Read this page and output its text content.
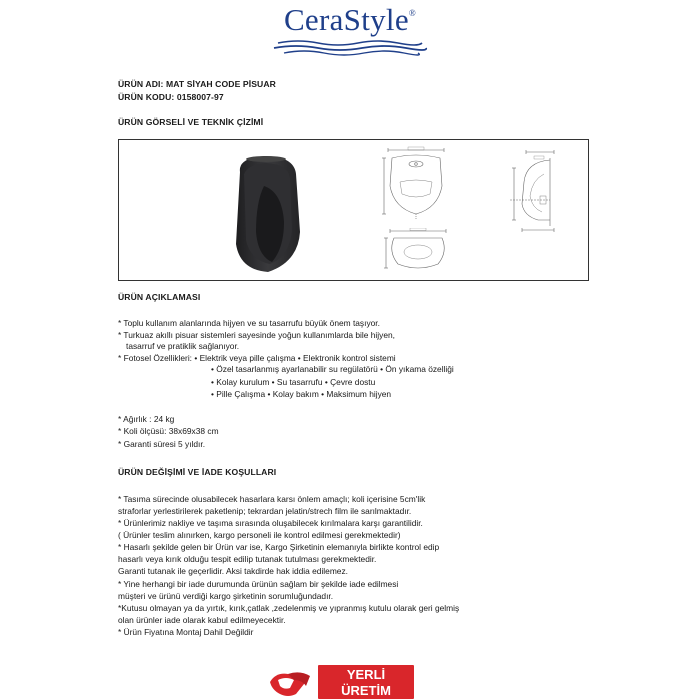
CeraStyle®
ÜRÜN ADI: MAT SİYAH CODE PİSUAR
ÜRÜN KODU: 0158007-97
ÜRÜN GÖRSELİ VE TEKNİK ÇİZİMİ
ÜRÜN AÇIKLAMASI
* Toplu kullanım alanlarında hijyen ve su tasarrufu büyük önem taşıyor.
* Turkuaz akıllı pisuar sistemleri sayesinde yoğun kullanımlarda bile hijyen,
tasarruf ve pratiklik sağlanıyor.
* Fotosel Özellikleri: • Elektrik veya pille çalışma • Elektronik kontrol sistemi
• Özel tasarlanmış ayarlanabilir su regülatörü • Ön yıkama özelliği
• Kolay kurulum • Su tasarrufu • Çevre dostu
• Pille Çalışma • Kolay bakım • Maksimum hijyen
* Ağırlık : 24 kg
* Koli ölçüsü: 38x69x38 cm
* Garanti süresi 5 yıldır.
ÜRÜN DEĞİŞİMİ VE İADE KOŞULLARI
* Tasıma sürecinde olusabilecek hasarlara karsı önlem amaçlı; koli içerisine 5cm'lik
straforlar yerlestirilerek paketlenip; tekrardan jelatin/strech film ile sarılmaktadır.
* Ürünlerimiz nakliye ve taşıma sırasında oluşabilecek kırılmalara karşı garantilidir.
( Ürünler teslim alınırken, kargo personeli ile kontrol edilmesi gerekmektedir)
* Hasarlı şekilde gelen bir Ürün var ise, Kargo Şirketinin elemanıyla birlikte kontrol edip
hasarlı veya kırık olduğu tespit edilip tutanak tutulması gerekmektedir.
Garanti tutanak ile geçerlidir. Aksi takdirde hak iddia edilemez.
* Yine herhangi bir iade durumunda ürünün sağlam bir şekilde iade edilmesi
müşteri ve ürünü verdiği kargo şirketinin sorumluğundadır.
*Kutusu olmayan ya da yırtık, kırık,çatlak ,zedelenmiş ve yıpranmış kutulu olarak geri gelmiş
olan ürünler iade olarak kabul edilmeyecektir.
* Ürün Fiyatına Montaj Dahil Değildir
YERLİ
ÜRETİM
